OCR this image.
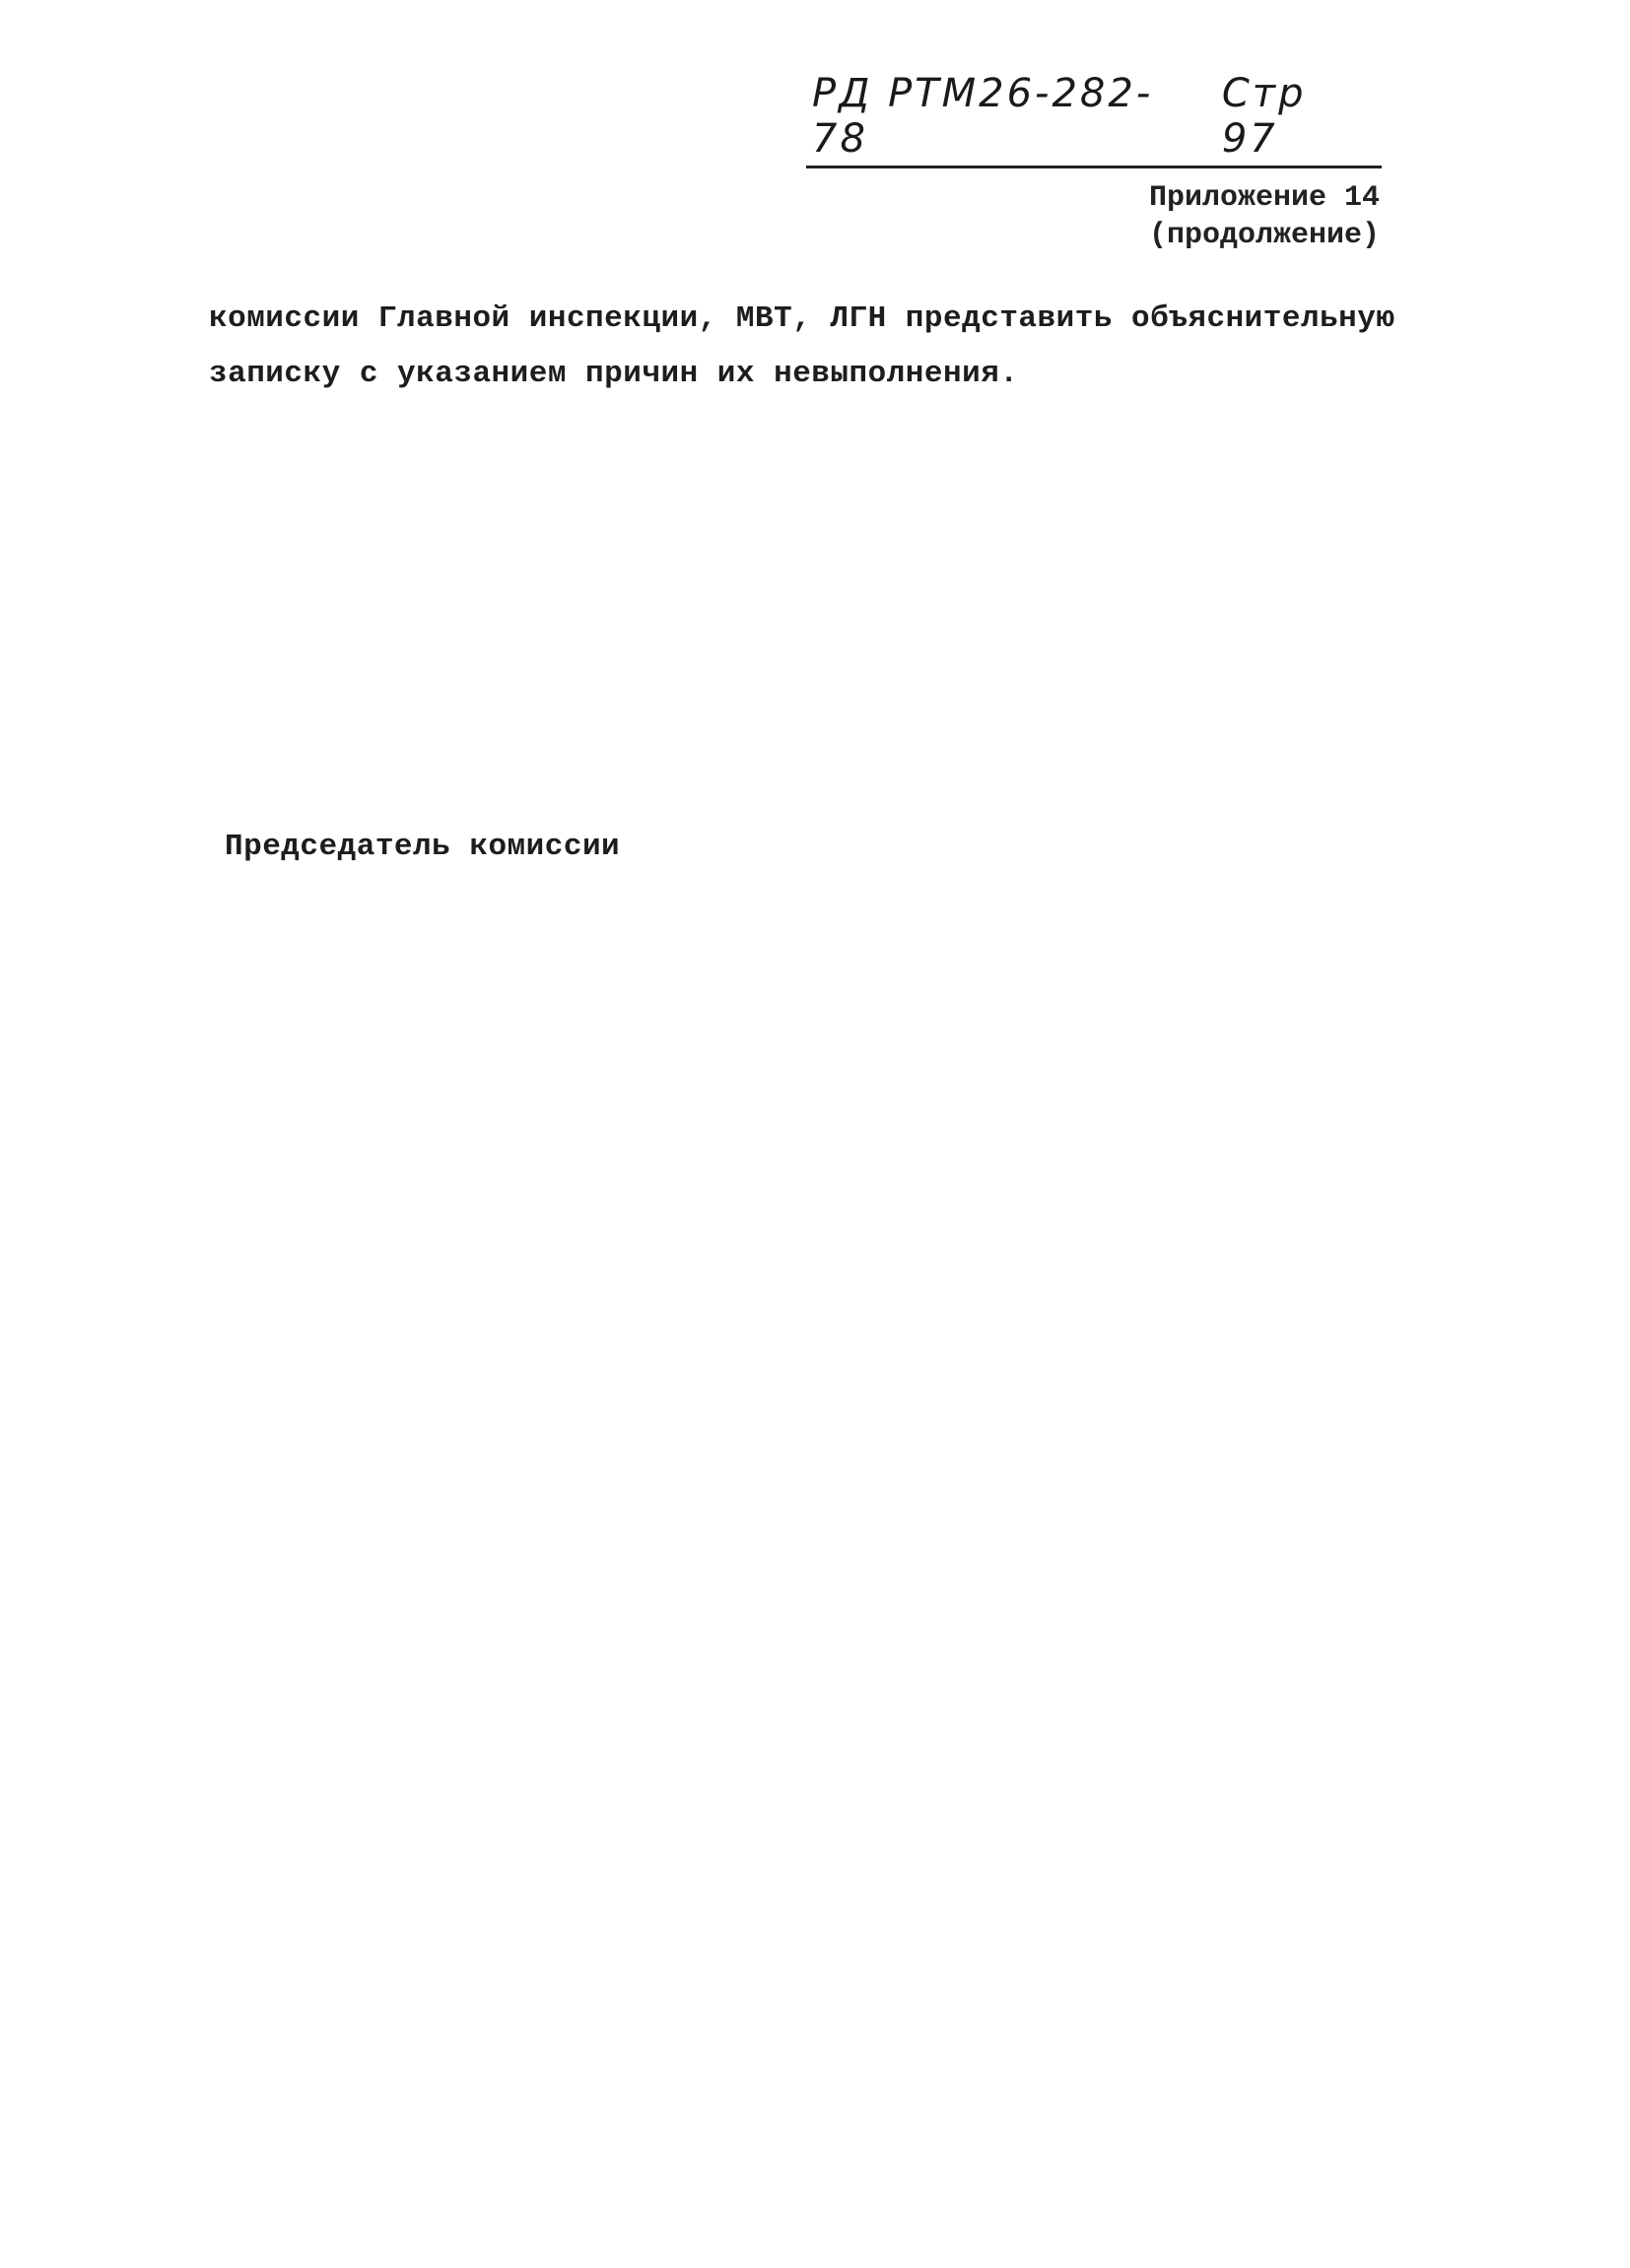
РД РТМ26-282-78
Стр 97
Приложение 14
(продолжение)
комиссии Главной инспекции, МВТ, ЛГН представить объяснительную
записку с указанием причин их невыполнения.
Председатель комиссии
